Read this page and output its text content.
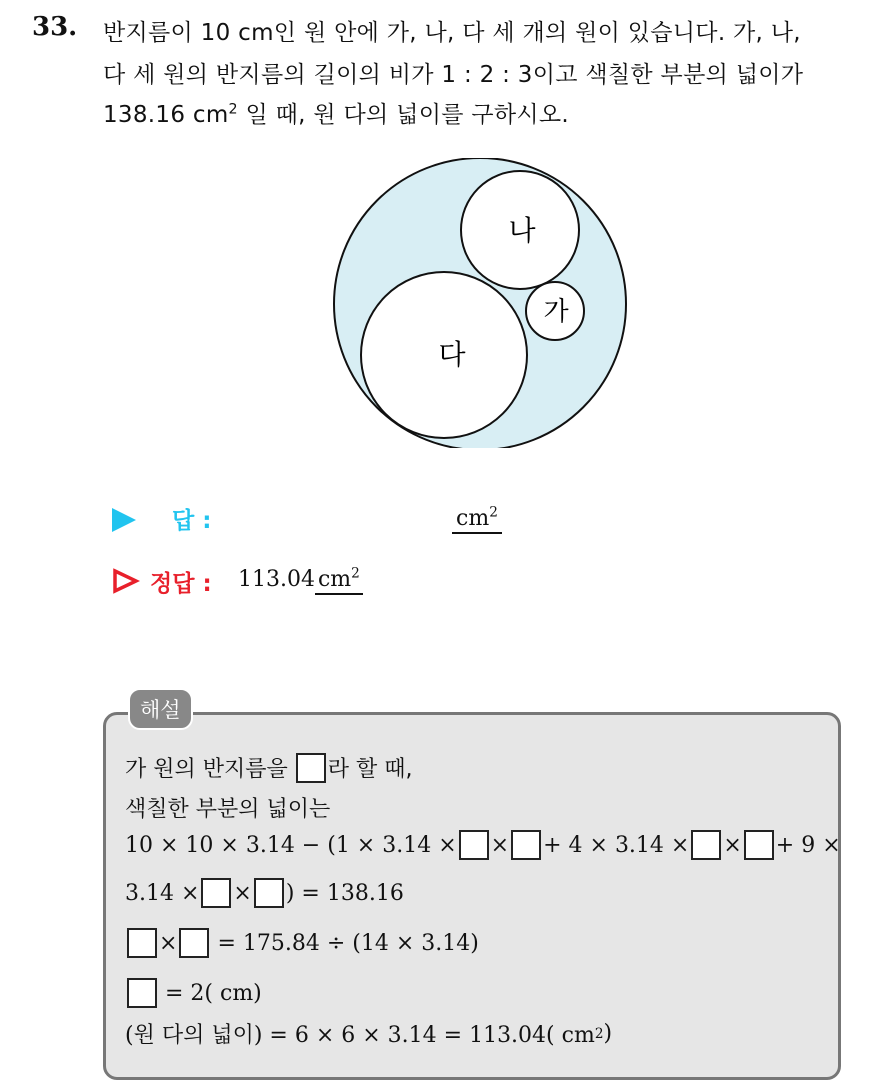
33. 반지름이 10 cm인 원 안에 가, 나, 다 세 개의 원이 있습니다. 가, 나,
다 세 원의 반지름의 길이의 비가 1 : 2 : 3이고 색칠한 부분의 넓이가
138.16 $cm^2$ 일 때, 원 다의 넓이를 구하시오.
나
가
다
답 :	$cm^2$
정답 : 113.04 $cm^2$
해설
가 원의 반지름을 라 할 때,
색칠한 부분의 넓이는
10 × 10 × 3.14 − (1 × 3.14 × × + 4 × 3.14 × × + 9 ×
3.14 × × ) = 138.16
× = 175.84 ÷ (14 × 3.14)
= 2( cm)
(원 다의 넓이) = 6 × 6 × 3.14 = 113.04( cm 2 )
